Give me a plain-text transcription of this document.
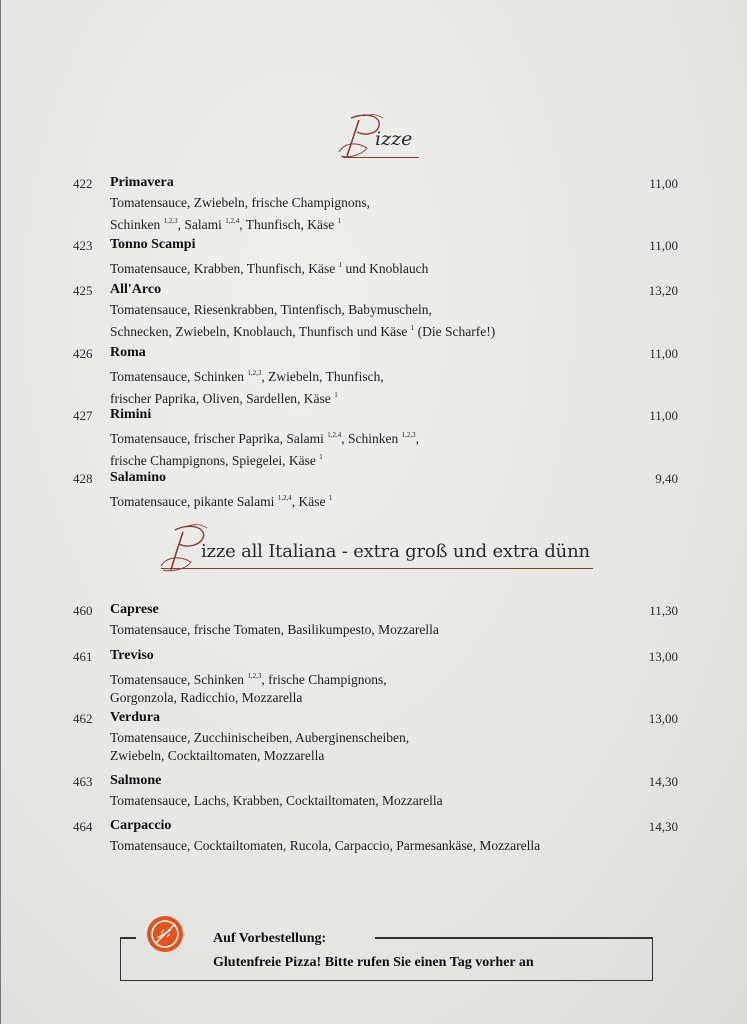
izze
422 Primavera	11,00
Tomatensauce, Zwiebeln, frische Champignons,
Schinken $^{1,2,3}$, Salami $^{1,2,4}$, Thunfisch, Käse $^1$
423 Tonno Scampi	11,00
Tomatensauce, Krabben, Thunfisch, Käse $^1$ und Knoblauch
425 All'Arco	13,20
Tomatensauce, Riesenkrabben, Tintenfisch, Babymuscheln,
Schnecken, Zwiebeln, Knoblauch, Thunfisch und Käse $^1$ (Die Scharfe!)
426 Roma	11,00
Tomatensauce, Schinken $^{1,2,3}$, Zwiebeln, Thunfisch,
frischer Paprika, Oliven, Sardellen, Käse $^1$
427 Rimini	11,00
Tomatensauce, frischer Paprika, Salami $^{1,2,4}$, Schinken $^{1,2,3}$,
frische Champignons, Spiegelei, Käse $^1$
428 Salamino	9,40
Tomatensauce, pikante Salami $^{1,2,4}$, Käse $^1$
izze all Italiana - extra groß und extra dünn
460 Caprese	11,30
Tomatensauce, frische Tomaten, Basilikumpesto, Mozzarella
461 Treviso	13,00
Tomatensauce, Schinken $^{1,2,3}$, frische Champignons,
Gorgonzola, Radicchio, Mozzarella
462 Verdura	13,00
Tomatensauce, Zucchinischeiben, Auberginenscheiben,
Zwiebeln, Cocktailtomaten, Mozzarella
463 Salmone	14,30
Tomatensauce, Lachs, Krabben, Cocktailtomaten, Mozzarella
464 Carpaccio	14,30
Tomatensauce, Cocktailtomaten, Rucola, Carpaccio, Parmesankäse, Mozzarella
Auf Vorbestellung:
Glutenfreie Pizza! Bitte rufen Sie einen Tag vorher an
